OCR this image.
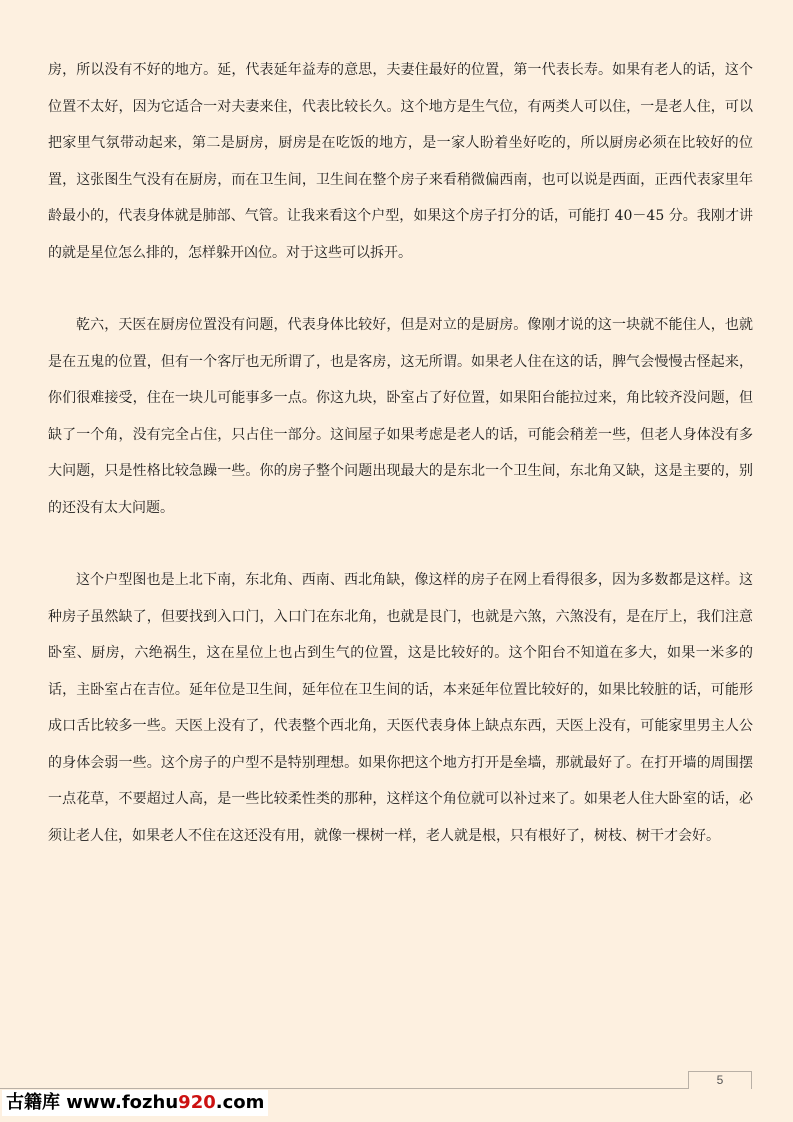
房，所以没有不好的地方。延，代表延年益寿的意思，夫妻住最好的位置，第一代表长寿。如果有老人的话，这个位置不太好，因为它适合一对夫妻来住，代表比较长久。这个地方是生气位，有两类人可以住，一是老人住，可以把家里气氛带动起来，第二是厨房，厨房是在吃饭的地方，是一家人盼着坐好吃的，所以厨房必须在比较好的位置，这张图生气没有在厨房，而在卫生间，卫生间在整个房子来看稍微偏西南，也可以说是西面，正西代表家里年龄最小的，代表身体就是肺部、气管。让我来看这个户型，如果这个房子打分的话，可能打 40－45 分。我刚才讲的就是星位怎么排的，怎样躲开凶位。对于这些可以拆开。

乾六，天医在厨房位置没有问题，代表身体比较好，但是对立的是厨房。像刚才说的这一块就不能住人，也就是在五鬼的位置，但有一个客厅也无所谓了，也是客房，这无所谓。如果老人住在这的话，脾气会慢慢古怪起来，你们很难接受，住在一块儿可能事多一点。你这九块，卧室占了好位置，如果阳台能拉过来，角比较齐没问题，但缺了一个角，没有完全占住，只占住一部分。这间屋子如果考虑是老人的话，可能会稍差一些，但老人身体没有多大问题，只是性格比较急躁一些。你的房子整个问题出现最大的是东北一个卫生间，东北角又缺，这是主要的，别的还没有太大问题。

这个户型图也是上北下南，东北角、西南、西北角缺，像这样的房子在网上看得很多，因为多数都是这样。这种房子虽然缺了，但要找到入口门，入口门在东北角，也就是艮门，也就是六煞，六煞没有，是在厅上，我们注意卧室、厨房，六绝祸生，这在星位上也占到生气的位置，这是比较好的。这个阳台不知道在多大，如果一米多的话，主卧室占在吉位。延年位是卫生间，延年位在卫生间的话，本来延年位置比较好的，如果比较脏的话，可能形成口舌比较多一些。天医上没有了，代表整个西北角，天医代表身体上缺点东西，天医上没有，可能家里男主人公的身体会弱一些。这个房子的户型不是特别理想。如果你把这个地方打开是垒墙，那就最好了。在打开墙的周围摆一点花草，不要超过人高，是一些比较柔性类的那种，这样这个角位就可以补过来了。如果老人住大卧室的话，必须让老人住，如果老人不住在这还没有用，就像一棵树一样，老人就是根，只有根好了，树枝、树干才会好。

5
古籍库 www.fozhu920.com
